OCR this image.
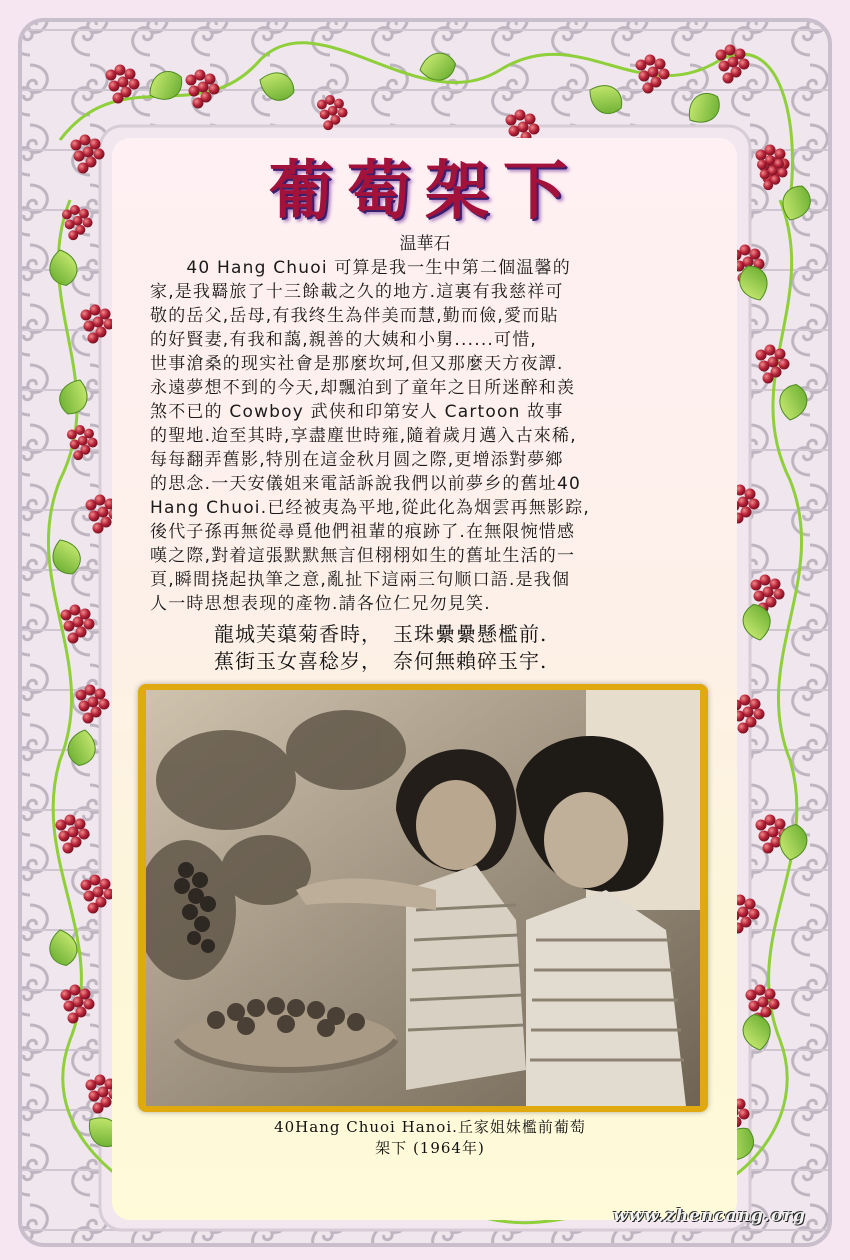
葡萄架下
温華石
　　40 Hang Chuoi 可算是我一生中第二個温馨的
家,是我羇旅了十三餘載之久的地方.這裏有我慈祥可
敬的岳父,岳母,有我终生為伴美而慧,勤而儉,愛而貼
的好賢妻,有我和藹,親善的大姨和小舅......可惜,
世事滄桑的现实社會是那麼坎坷,但又那麼天方夜譚.
永遠夢想不到的今天,却飄泊到了童年之日所迷醉和羡
煞不已的 Cowboy 武侠和印第安人 Cartoon 故事
的聖地.迨至其時,享盡塵世時雍,隨着歲月邁入古來稀,
每每翻弄舊影,特別在這金秋月圆之際,更增添對夢鄉
的思念.一天安儀姐来電話訴說我們以前夢乡的舊址40
Hang Chuoi.已经被夷為平地,從此化為烟雲再無影踪,
後代子孫再無從尋覓他們祖輩的痕跡了.在無限惋惜感
嘆之際,對着這張默默無言但栩栩如生的舊址生活的一
頁,瞬間挠起执筆之意,亂扯下這兩三句顺口語.是我個
人一時思想表现的產物.請各位仁兄勿見笑.
龍城芙蕖菊香時，　玉珠纍纍懸檻前.
蕉街玉女喜稔岁，　奈何無賴碎玉宇.
40Hang Chuoi Hanoi.丘家姐妹檻前葡萄
架下 (1964年)
www.zhencang.org
